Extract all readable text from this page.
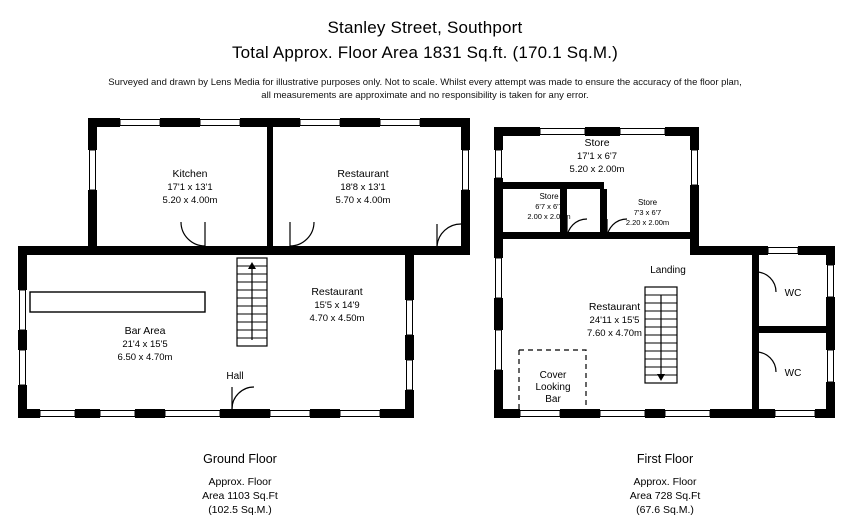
Stanley Street, Southport
Total Approx. Floor Area 1831 Sq.ft. (170.1 Sq.M.)
Surveyed and drawn by Lens Media for illustrative purposes only. Not to scale. Whilst every attempt was made to ensure the accuracy of the floor plan,
all measurements are approximate and no responsibility is taken for any error.
Kitchen
17'1 x 13'1
5.20 x 4.00m
Restaurant
18'8 x 13'1
5.70 x 4.00m
Restaurant
15'5 x 14'9
4.70 x 4.50m
Bar Area
21'4 x 15'5
6.50 x 4.70m
Hall
Store
17'1 x 6'7
5.20 x 2.00m
Store
6'7 x 6'7
2.00 x 2.00m
Store
7'3 x 6'7
2.20 x 2.00m
Restaurant
24'11 x 15'5
7.60 x 4.70m
Landing
WC
WC
Cover
Looking
Bar
Ground Floor
Approx. Floor
Area 1103 Sq.Ft
(102.5 Sq.M.)
First Floor
Approx. Floor
Area 728 Sq.Ft
(67.6 Sq.M.)
